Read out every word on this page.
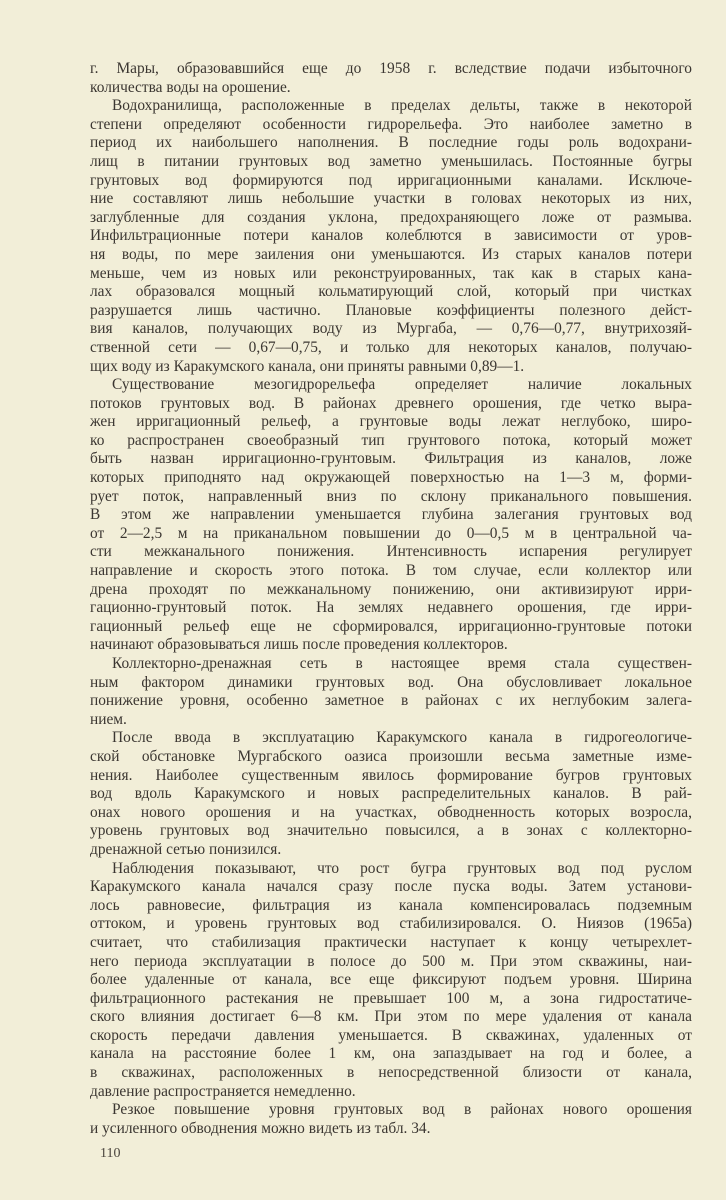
г. Мары, образовавшийся еще до 1958 г. вследствие подачи избыточного
количества воды на орошение.
Водохранилища, расположенные в пределах дельты, также в некоторой
степени определяют особенности гидрорельефа. Это наиболее заметно в
период их наибольшего наполнения. В последние годы роль водохрани-
лищ в питании грунтовых вод заметно уменьшилась. Постоянные бугры
грунтовых вод формируются под ирригационными каналами. Исключе-
ние составляют лишь небольшие участки в головах некоторых из них,
заглубленные для создания уклона, предохраняющего ложе от размыва.
Инфильтрационные потери каналов колеблются в зависимости от уров-
ня воды, по мере заиления они уменьшаются. Из старых каналов потери
меньше, чем из новых или реконструированных, так как в старых кана-
лах образовался мощный кольматирующий слой, который при чистках
разрушается лишь частично. Плановые коэффициенты полезного дейст-
вия каналов, получающих воду из Мургаба, — 0,76—0,77, внутрихозяй-
ственной сети — 0,67—0,75, и только для некоторых каналов, получаю-
щих воду из Каракумского канала, они приняты равными 0,89—1.
Существование мезогидрорельефа определяет наличие локальных
потоков грунтовых вод. В районах древнего орошения, где четко выра-
жен ирригационный рельеф, а грунтовые воды лежат неглубоко, широ-
ко распространен своеобразный тип грунтового потока, который может
быть назван ирригационно-грунтовым. Фильтрация из каналов, ложе
которых приподнято над окружающей поверхностью на 1—3 м, форми-
рует поток, направленный вниз по склону приканального повышения.
В этом же направлении уменьшается глубина залегания грунтовых вод
от 2—2,5 м на приканальном повышении до 0—0,5 м в центральной ча-
сти межканального понижения. Интенсивность испарения регулирует
направление и скорость этого потока. В том случае, если коллектор или
дрена проходят по межканальному понижению, они активизируют ирри-
гационно-грунтовый поток. На землях недавнего орошения, где ирри-
гационный рельеф еще не сформировался, ирригационно-грунтовые потоки
начинают образовываться лишь после проведения коллекторов.
Коллекторно-дренажная сеть в настоящее время стала существен-
ным фактором динамики грунтовых вод. Она обусловливает локальное
понижение уровня, особенно заметное в районах с их неглубоким залега-
нием.
После ввода в эксплуатацию Каракумского канала в гидрогеологиче-
ской обстановке Мургабского оазиса произошли весьма заметные изме-
нения. Наиболее существенным явилось формирование бугров грунтовых
вод вдоль Каракумского и новых распределительных каналов. В рай-
онах нового орошения и на участках, обводненность которых возросла,
уровень грунтовых вод значительно повысился, а в зонах с коллекторно-
дренажной сетью понизился.
Наблюдения показывают, что рост бугра грунтовых вод под руслом
Каракумского канала начался сразу после пуска воды. Затем установи-
лось равновесие, фильтрация из канала компенсировалась подземным
оттоком, и уровень грунтовых вод стабилизировался. О. Ниязов (1965а)
считает, что стабилизация практически наступает к концу четырехлет-
него периода эксплуатации в полосе до 500 м. При этом скважины, наи-
более удаленные от канала, все еще фиксируют подъем уровня. Ширина
фильтрационного растекания не превышает 100 м, а зона гидростатиче-
ского влияния достигает 6—8 км. При этом по мере удаления от канала
скорость передачи давления уменьшается. В скважинах, удаленных от
канала на расстояние более 1 км, она запаздывает на год и более, а
в скважинах, расположенных в непосредственной близости от канала,
давление распространяется немедленно.
Резкое повышение уровня грунтовых вод в районах нового орошения
и усиленного обводнения можно видеть из табл. 34.
110
